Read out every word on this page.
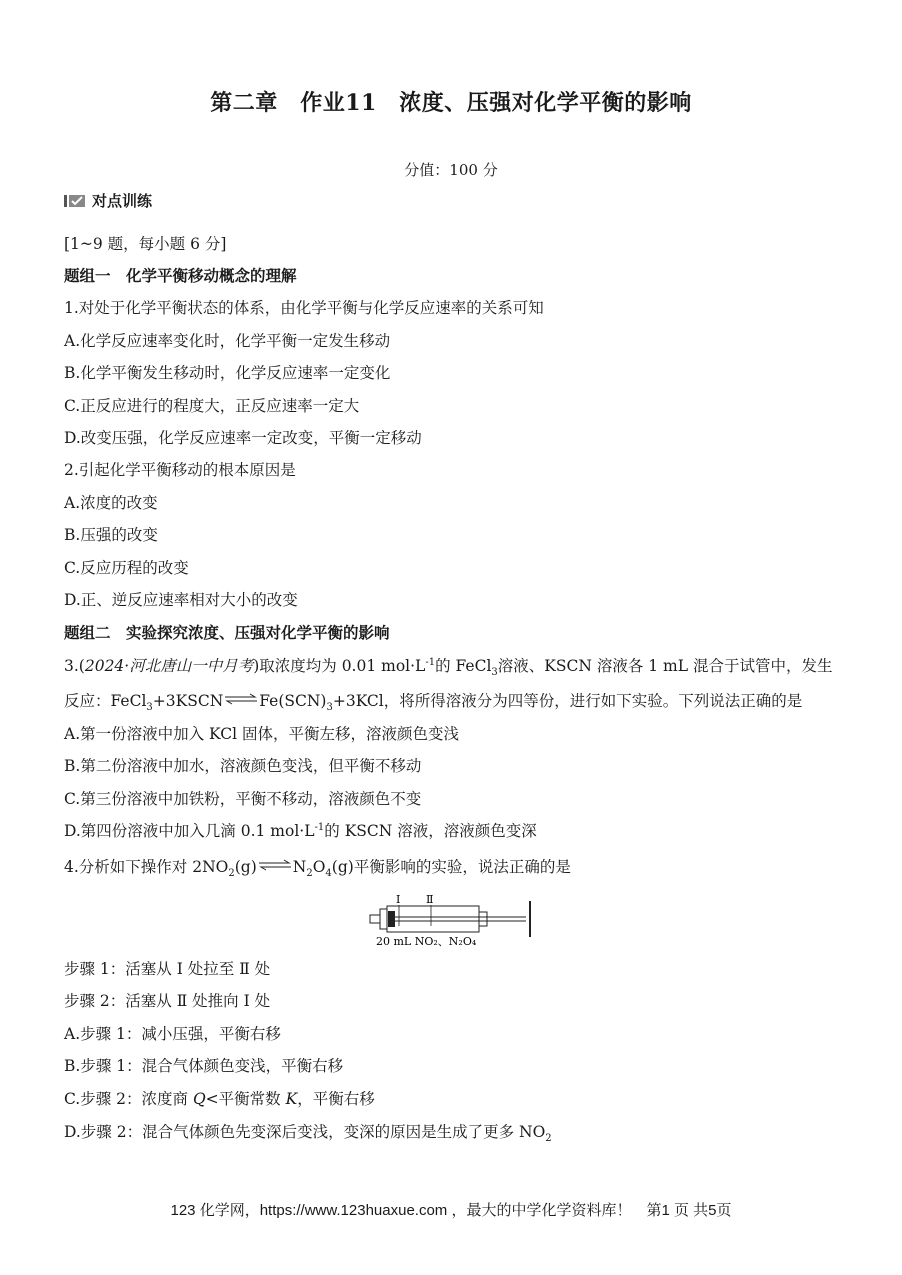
第二章　作业11　浓度、压强对化学平衡的影响
分值：100 分
对点训练
[1~9 题，每小题 6 分]
题组一　化学平衡移动概念的理解
1.对处于化学平衡状态的体系，由化学平衡与化学反应速率的关系可知
A.化学反应速率变化时，化学平衡一定发生移动
B.化学平衡发生移动时，化学反应速率一定变化
C.正反应进行的程度大，正反应速率一定大
D.改变压强，化学反应速率一定改变，平衡一定移动
2.引起化学平衡移动的根本原因是
A.浓度的改变
B.压强的改变
C.反应历程的改变
D.正、逆反应速率相对大小的改变
题组二　实验探究浓度、压强对化学平衡的影响
3.(2024·河北唐山一中月考)取浓度均为 0.01 $mol\cdot L^{-1}$的 FeCl$_3$溶液、KSCN 溶液各 1 mL 混合于试管中，发生
反应：$FeCl_3+3KSCN\rightleftharpoons Fe(SCN)_3+3KCl$，将所得溶液分为四等份，进行如下实验。下列说法正确的是
A.第一份溶液中加入 KCl 固体，平衡左移，溶液颜色变浅
B.第二份溶液中加水，溶液颜色变浅，但平衡不移动
C.第三份溶液中加铁粉，平衡不移动，溶液颜色不变
D.第四份溶液中加入几滴 0.1 $mol\cdot L^{-1}$的 KSCN 溶液，溶液颜色变深
4.分析如下操作对 $2NO_2(g)\rightleftharpoons N_2O_4(g)$平衡影响的实验，说法正确的是
Ⅰ Ⅱ
20 mL NO₂、N₂O₄
步骤 1：活塞从 Ⅰ 处拉至 Ⅱ 处
步骤 2：活塞从 Ⅱ 处推向 Ⅰ 处
A.步骤 1：减小压强，平衡右移
B.步骤 1：混合气体颜色变浅，平衡右移
C.步骤 2：浓度商 Q<平衡常数 K，平衡右移
D.步骤 2：混合气体颜色先变深后变浅，变深的原因是生成了更多 $NO_2$
123 化学网，https://www.123huaxue.com ，最大的中学化学资料库！　第1 页 共5页
